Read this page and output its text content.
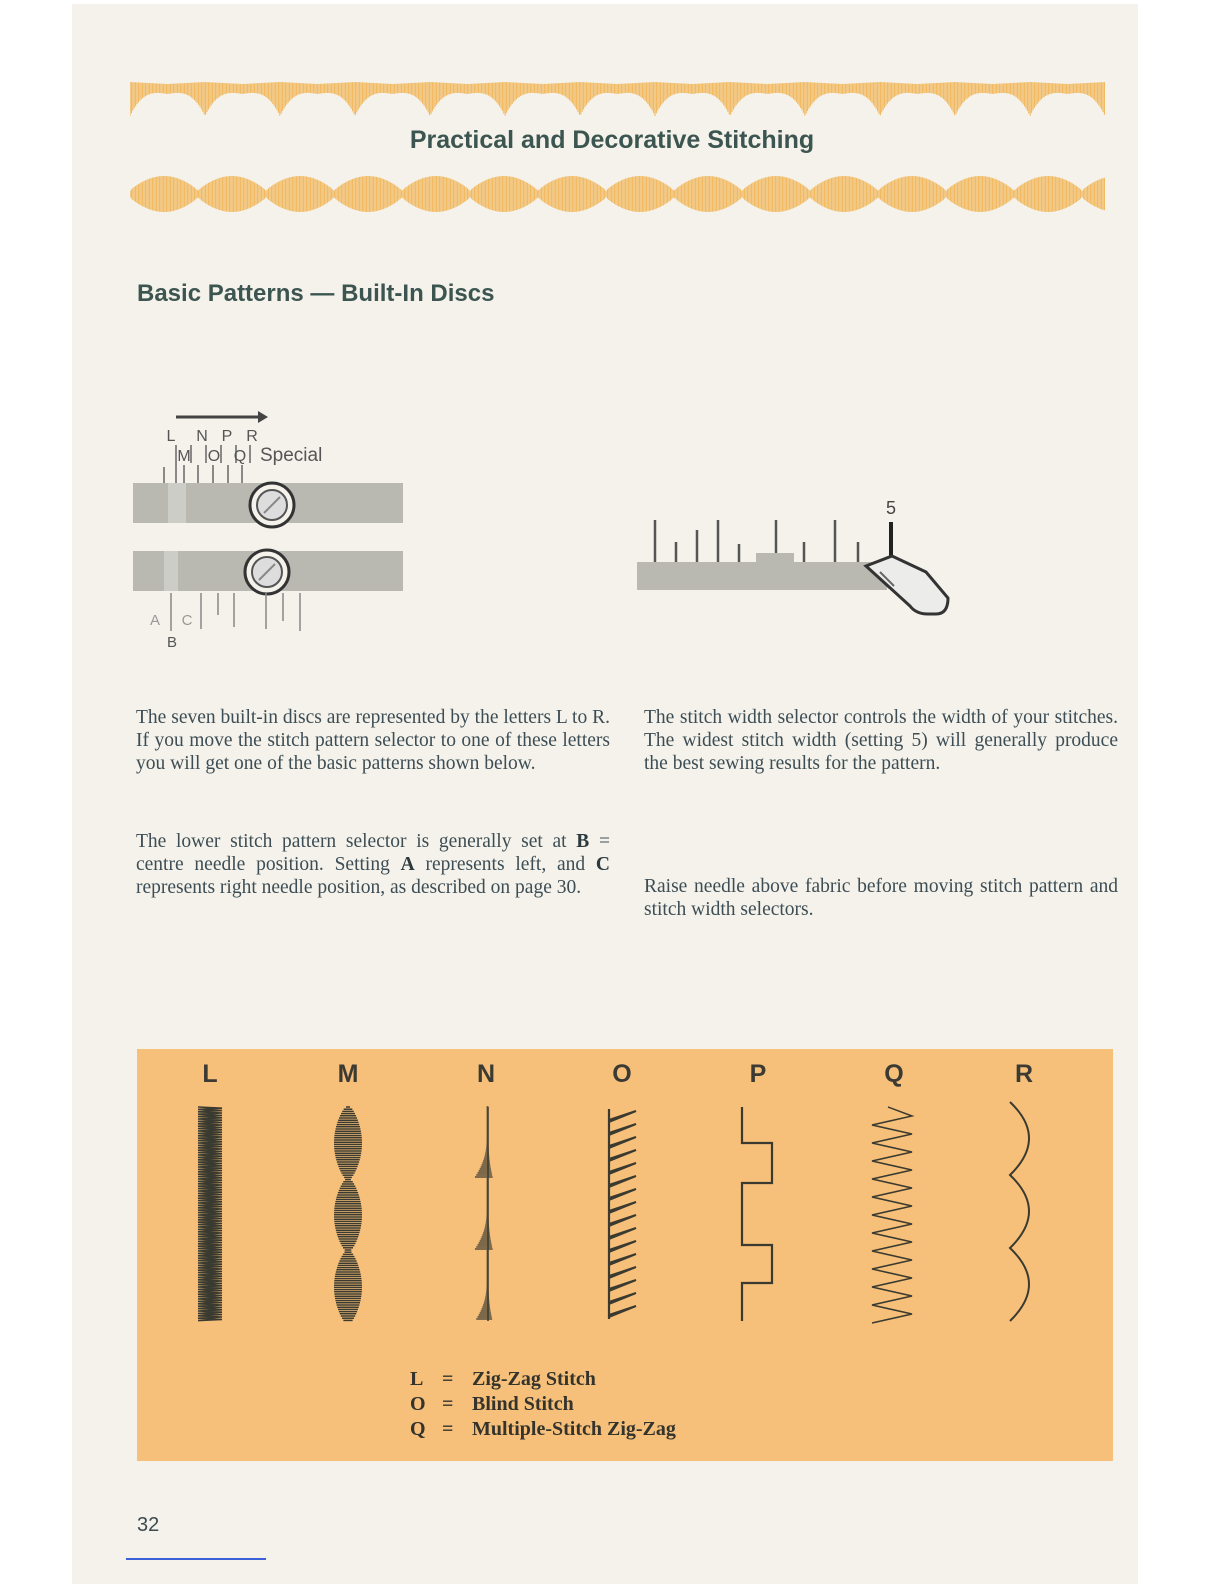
Practical and Decorative Stitching
Basic Patterns — Built-In Discs
L N P R
M O Q Special
A C
B
5

The seven built-in discs are represented by the letters L to R. If you move the stitch pattern selector to one of these letters you will get one of the basic patterns shown below.

The lower stitch pattern selector is generally set at B = centre needle position. Setting A represents left, and C represents right needle position, as described on page 30.

The stitch width selector controls the width of your stitches. The widest stitch width (setting 5) will generally produce the best sewing results for the pattern.

Raise needle above fabric before moving stitch pattern and stitch width selectors.

L	M	N	O	P	Q	R
L = Zig-Zag Stitch
O = Blind Stitch
Q = Multiple-Stitch Zig-Zag
32
